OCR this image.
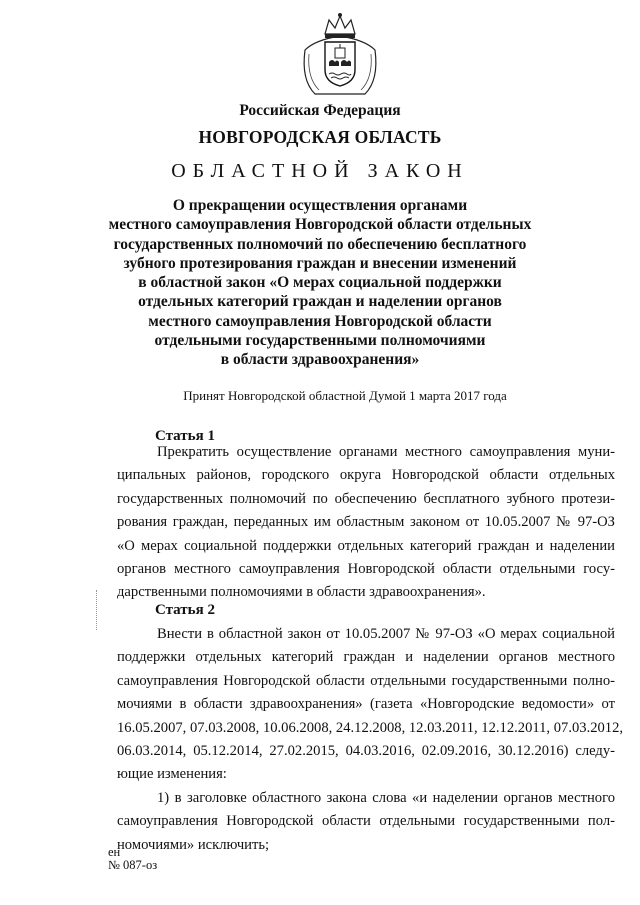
Российская Федерация
НОВГОРОДСКАЯ ОБЛАСТЬ
ОБЛАСТНОЙ ЗАКОН
О прекращении осуществления органами
местного самоуправления Новгородской области отдельных
государственных полномочий по обеспечению бесплатного
зубного протезирования граждан и внесении изменений
в областной закон «О мерах социальной поддержки
отдельных категорий граждан и наделении органов
местного самоуправления Новгородской области
отдельными государственными полномочиями
в области здравоохранения»
Принят Новгородской областной Думой 1 марта 2017 года
Статья 1
Прекратить осуществление органами местного самоуправления муни-
ципальных районов, городского округа Новгородской области отдельных
государственных полномочий по обеспечению бесплатного зубного протези-
рования граждан, переданных им областным законом от 10.05.2007 № 97-ОЗ
«О мерах социальной поддержки отдельных категорий граждан и наделении
органов местного самоуправления Новгородской области отдельными госу-
дарственными полномочиями в области здравоохранения».
Статья 2
Внести в областной закон от 10.05.2007 № 97-ОЗ «О мерах социальной
поддержки отдельных категорий граждан и наделении органов местного
самоуправления Новгородской области отдельными государственными полно-
мочиями в области здравоохранения» (газета «Новгородские ведомости» от
16.05.2007, 07.03.2008, 10.06.2008, 24.12.2008, 12.03.2011, 12.12.2011, 07.03.2012,
06.03.2014, 05.12.2014, 27.02.2015, 04.03.2016, 02.09.2016, 30.12.2016) следу-
ющие изменения:
1) в заголовке областного закона слова «и наделении органов местного
самоуправления Новгородской области отдельными государственными пол-
номочиями» исключить;
ен
№ 087-оз
